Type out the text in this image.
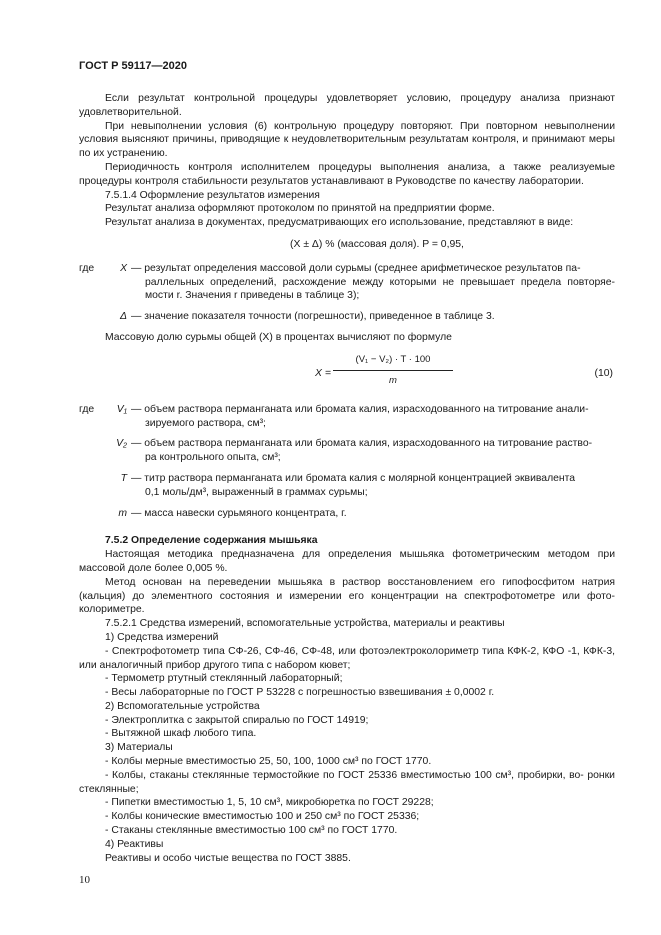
ГОСТ Р 59117—2020

Если результат контрольной процедуры удовлетворяет условию, процедуру анализа признают удовлетворительной.

При невыполнении условия (6) контрольную процедуру повторяют. При повторном невыполнении условия выясняют причины, приводящие к неудовлетворительным результатам контроля, и принимают меры по их устранению.

Периодичность контроля исполнителем процедуры выполнения анализа, а также реализуемые процедуры контроля стабильности результатов устанавливают в Руководстве по качеству лаборатории.

7.5.1.4 Оформление результатов измерения

Результат анализа оформляют протоколом по принятой на предприятии форме.

Результат анализа в документах, предусматривающих его использование, представляют в виде:

(X ± Δ) % (массовая доля). P = 0,95,

где	X — результат определения массовой доли сурьмы (среднее арифметическое результатов па-
раллельных определений, расхождение между которыми не превышает предела повторяе- мости r. Значения r приведены в таблице 3);
Δ — значение показателя точности (погрешности), приведенное в таблице 3.

Массовую долю сурьмы общей (X) в процентах вычисляют по формуле

$X = \frac{\text{(V₁ − V₂) · T · 100}}{m}$	(10)
где	V₁ — объем раствора перманганата или бромата калия, израсходованного на титрование анали-
зируемого раствора, см³;
V₂ — объем раствора перманганата или бромата калия, израсходованного на титрование раство-
ра контрольного опыта, см³;
T — титр раствора перманганата или бромата калия с молярной концентрацией эквивалента
0,1 моль/дм³, выраженный в граммах сурьмы;
m — масса навески сурьмяного концентрата, г.

7.5.2 Определение содержания мышьяка

Настоящая методика предназначена для определения мышьяка фотометрическим методом при массовой доле более 0,005 %.

Метод основан на переведении мышьяка в раствор восстановлением его гипофосфитом натрия (кальция) до элементного состояния и измерении его концентрации на спектрофотометре или фото- колориметре.

7.5.2.1 Средства измерений, вспомогательные устройства, материалы и реактивы

1) Средства измерений

- Спектрофотометр типа СФ-26, СФ-46, СФ-48, или фотоэлектроколориметр типа КФК-2, КФО -1, КФК-3, или аналогичный прибор другого типа с набором кювет;

- Термометр ртутный стеклянный лабораторный;

- Весы лабораторные по ГОСТ Р 53228 с погрешностью взвешивания ± 0,0002 г.

2) Вспомогательные устройства

- Электроплитка с закрытой спиралью по ГОСТ 14919;

- Вытяжной шкаф любого типа.

3) Материалы

- Колбы мерные вместимостью 25, 50, 100, 1000 см³ по ГОСТ 1770.

- Колбы, стаканы стеклянные термостойкие по ГОСТ 25336 вместимостью 100 см³, пробирки, во- ронки стеклянные;

- Пипетки вместимостью 1, 5, 10 см³, микробюретка по ГОСТ 29228;

- Колбы конические вместимостью 100 и 250 см³ по ГОСТ 25336;

- Стаканы стеклянные вместимостью 100 см³ по ГОСТ 1770.

4) Реактивы

Реактивы и особо чистые вещества по ГОСТ 3885.

10
